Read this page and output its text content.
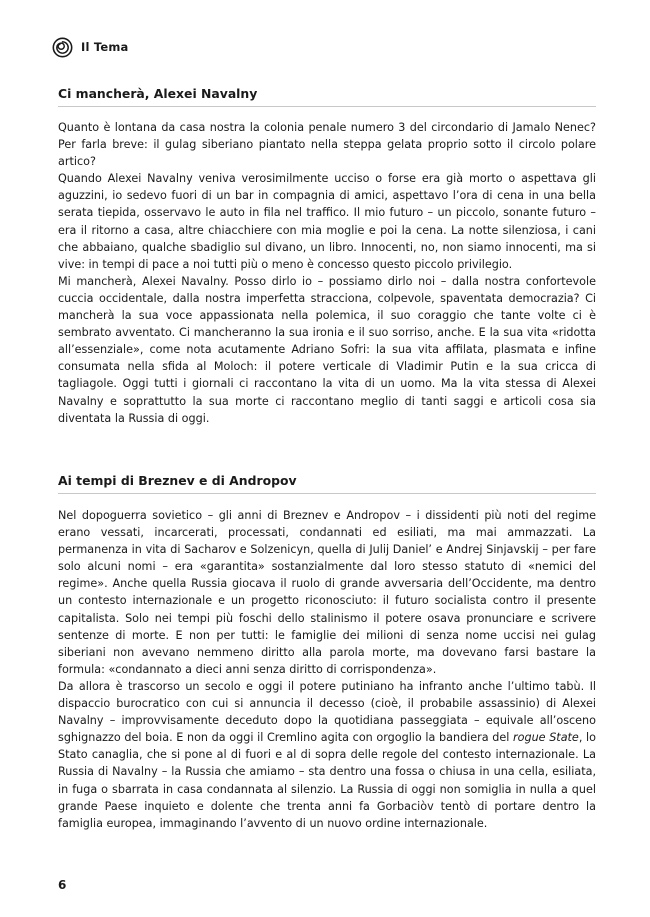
Il Tema
Ci mancherà, Alexei Navalny

Quanto è lontana da casa nostra la colonia penale numero 3 del circondario di Jamalo Nenec? Per farla breve: il gulag siberiano piantato nella steppa gelata proprio sotto il circolo polare artico?

Quando Alexei Navalny veniva verosimilmente ucciso o forse era già morto o aspettava gli aguzzini, io sedevo fuori di un bar in compagnia di amici, aspettavo l’ora di cena in una bella serata tiepida, osservavo le auto in fila nel traffico. Il mio futuro – un piccolo, sonante futuro – era il ritorno a casa, altre chiacchiere con mia moglie e poi la cena. La notte silenziosa, i cani che abbaiano, qualche sbadiglio sul divano, un libro. Innocenti, no, non siamo innocenti, ma si vive: in tempi di pace a noi tutti più o meno è concesso questo piccolo privilegio.

Mi mancherà, Alexei Navalny. Posso dirlo io – possiamo dirlo noi – dalla nostra confortevole cuccia occidentale, dalla nostra imperfetta stracciona, colpevole, spaventata democrazia? Ci mancherà la sua voce appassionata nella polemica, il suo coraggio che tante volte ci è sembrato avventato. Ci mancheranno la sua ironia e il suo sorriso, anche. E la sua vita «ridotta all’essenziale», come nota acutamente Adriano Sofri: la sua vita affilata, plasmata e infine consumata nella sfida al Moloch: il potere verticale di Vladimir Putin e la sua cricca di tagliagole. Oggi tutti i giornali ci raccontano la vita di un uomo. Ma la vita stessa di Alexei Navalny e soprattutto la sua morte ci raccontano meglio di tanti saggi e articoli cosa sia diventata la Russia di oggi.

Ai tempi di Breznev e di Andropov

Nel dopoguerra sovietico – gli anni di Breznev e Andropov – i dissidenti più noti del regime erano vessati, incarcerati, processati, condannati ed esiliati, ma mai ammazzati. La permanenza in vita di Sacharov e Solzenicyn, quella di Julij Daniel’ e Andrej Sinjavskij – per fare solo alcuni nomi – era «garantita» sostanzialmente dal loro stesso statuto di «nemici del regime». Anche quella Russia giocava il ruolo di grande avversaria dell’Occidente, ma dentro un contesto internazionale e un progetto riconosciuto: il futuro socialista contro il presente capitalista. Solo nei tempi più foschi dello stalinismo il potere osava pronunciare e scrivere sentenze di morte. E non per tutti: le famiglie dei milioni di senza nome uccisi nei gulag siberiani non avevano nemmeno diritto alla parola morte, ma dovevano farsi bastare la formula: «condannato a dieci anni senza diritto di corrispondenza».

Da allora è trascorso un secolo e oggi il potere putiniano ha infranto anche l’ultimo tabù. Il dispaccio burocratico con cui si annuncia il decesso (cioè, il probabile assassinio) di Alexei Navalny – improvvisamente deceduto dopo la quotidiana passeggiata – equivale all’osceno sghignazzo del boia. E non da oggi il Cremlino agita con orgoglio la bandiera del rogue State, lo Stato canaglia, che si pone al di fuori e al di sopra delle regole del contesto internazionale. La Russia di Navalny – la Russia che amiamo – sta dentro una fossa o chiusa in una cella, esiliata, in fuga o sbarrata in casa condannata al silenzio. La Russia di oggi non somiglia in nulla a quel grande Paese inquieto e dolente che trenta anni fa Gorbaciòv tentò di portare dentro la famiglia europea, immaginando l’avvento di un nuovo ordine internazionale.

6
